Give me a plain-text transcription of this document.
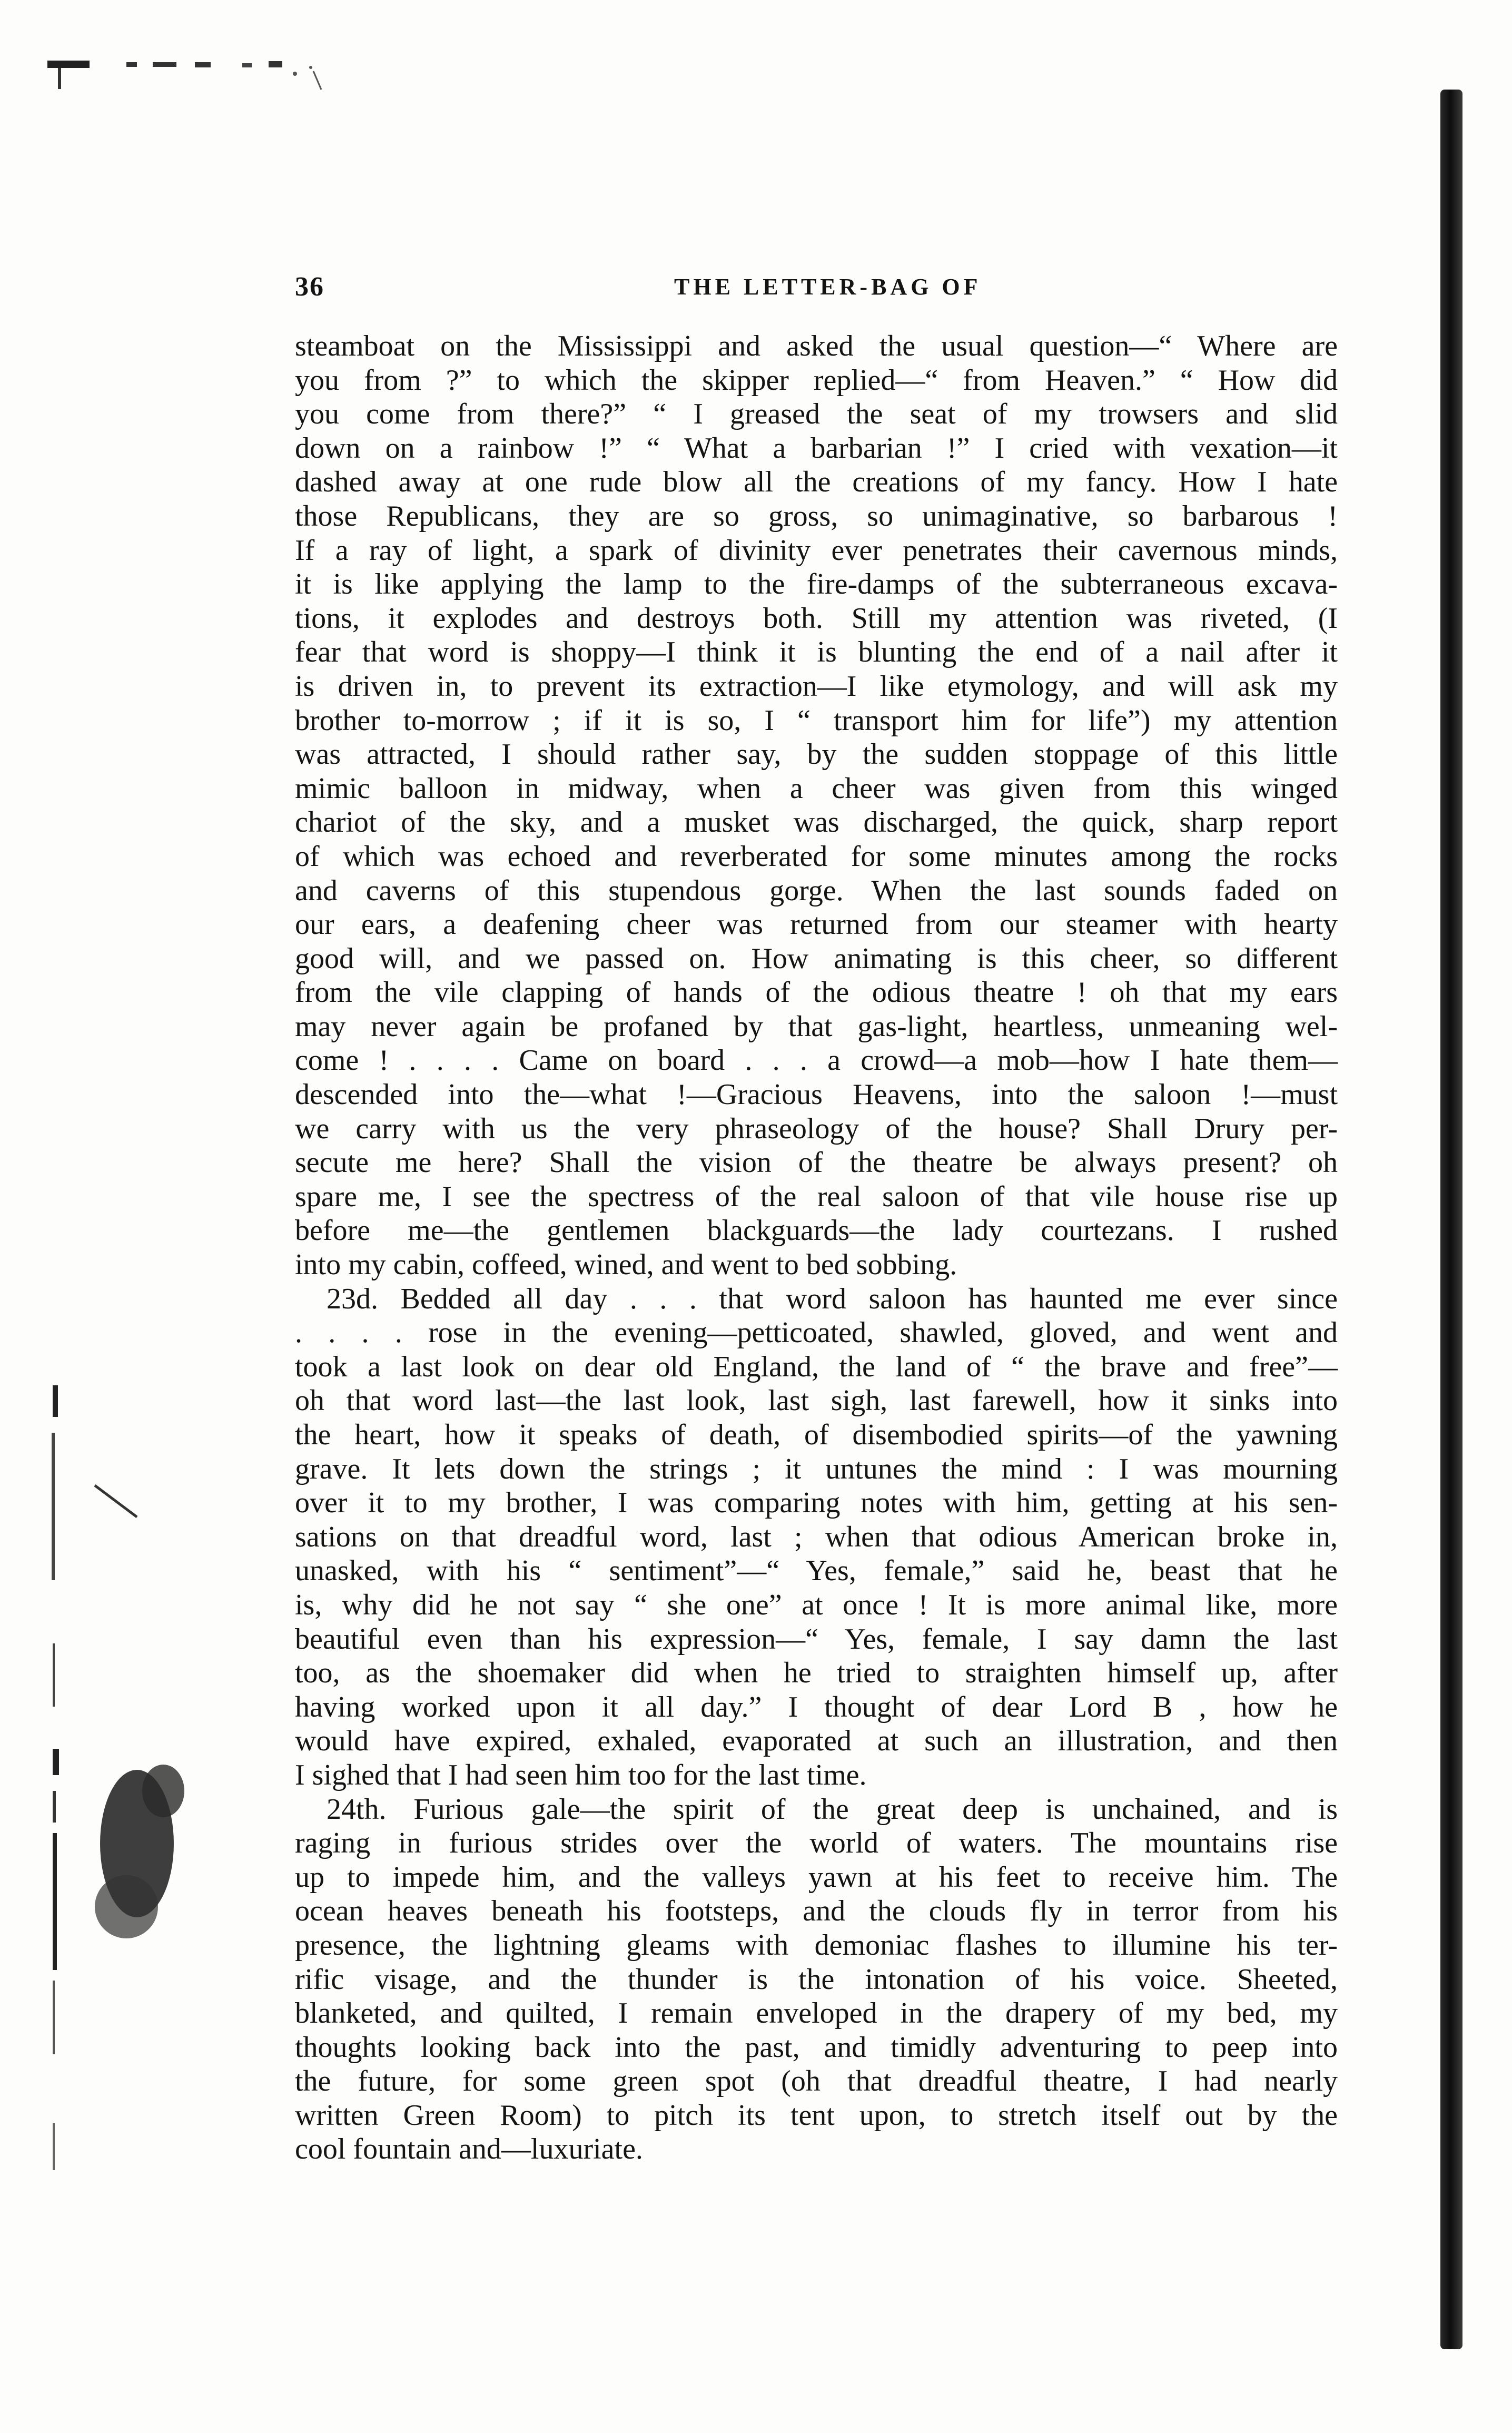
36	THE LETTER-BAG OF
steamboat on the Mississippi and asked the usual question—“ Where are
you from ?” to which the skipper replied—“ from Heaven.” “ How did
you come from there?” “ I greased the seat of my trowsers and slid
down on a rainbow !” “ What a barbarian !” I cried with vexation—it
dashed away at one rude blow all the creations of my fancy. How I hate
those Republicans, they are so gross, so unimaginative, so barbarous !
If a ray of light, a spark of divinity ever penetrates their cavernous minds,
it is like applying the lamp to the fire-damps of the subterraneous excava-
tions, it explodes and destroys both. Still my attention was riveted, (I
fear that word is shoppy—I think it is blunting the end of a nail after it
is driven in, to prevent its extraction—I like etymology, and will ask my
brother to-morrow ; if it is so, I “ transport him for life”) my attention
was attracted, I should rather say, by the sudden stoppage of this little
mimic balloon in midway, when a cheer was given from this winged
chariot of the sky, and a musket was discharged, the quick, sharp report
of which was echoed and reverberated for some minutes among the rocks
and caverns of this stupendous gorge. When the last sounds faded on
our ears, a deafening cheer was returned from our steamer with hearty
good will, and we passed on. How animating is this cheer, so different
from the vile clapping of hands of the odious theatre ! oh that my ears
may never again be profaned by that gas-light, heartless, unmeaning wel-
come ! . . . . Came on board . . . a crowd—a mob—how I hate them—
descended into the—what !—Gracious Heavens, into the saloon !—must
we carry with us the very phraseology of the house? Shall Drury per-
secute me here? Shall the vision of the theatre be always present? oh
spare me, I see the spectress of the real saloon of that vile house rise up
before me—the gentlemen blackguards—the lady courtezans. I rushed
into my cabin, coffeed, wined, and went to bed sobbing.
23d. Bedded all day . . . that word saloon has haunted me ever since
. . . . rose in the evening—petticoated, shawled, gloved, and went and
took a last look on dear old England, the land of “ the brave and free”—
oh that word last—the last look, last sigh, last farewell, how it sinks into
the heart, how it speaks of death, of disembodied spirits—of the yawning
grave. It lets down the strings ; it untunes the mind : I was mourning
over it to my brother, I was comparing notes with him, getting at his sen-
sations on that dreadful word, last ; when that odious American broke in,
unasked, with his “ sentiment”—“ Yes, female,” said he, beast that he
is, why did he not say “ she one” at once ! It is more animal like, more
beautiful even than his expression—“ Yes, female, I say damn the last
too, as the shoemaker did when he tried to straighten himself up, after
having worked upon it all day.” I thought of dear Lord B , how he
would have expired, exhaled, evaporated at such an illustration, and then
I sighed that I had seen him too for the last time.
24th. Furious gale—the spirit of the great deep is unchained, and is
raging in furious strides over the world of waters. The mountains rise
up to impede him, and the valleys yawn at his feet to receive him. The
ocean heaves beneath his footsteps, and the clouds fly in terror from his
presence, the lightning gleams with demoniac flashes to illumine his ter-
rific visage, and the thunder is the intonation of his voice. Sheeted,
blanketed, and quilted, I remain enveloped in the drapery of my bed, my
thoughts looking back into the past, and timidly adventuring to peep into
the future, for some green spot (oh that dreadful theatre, I had nearly
written Green Room) to pitch its tent upon, to stretch itself out by the
cool fountain and—luxuriate.
